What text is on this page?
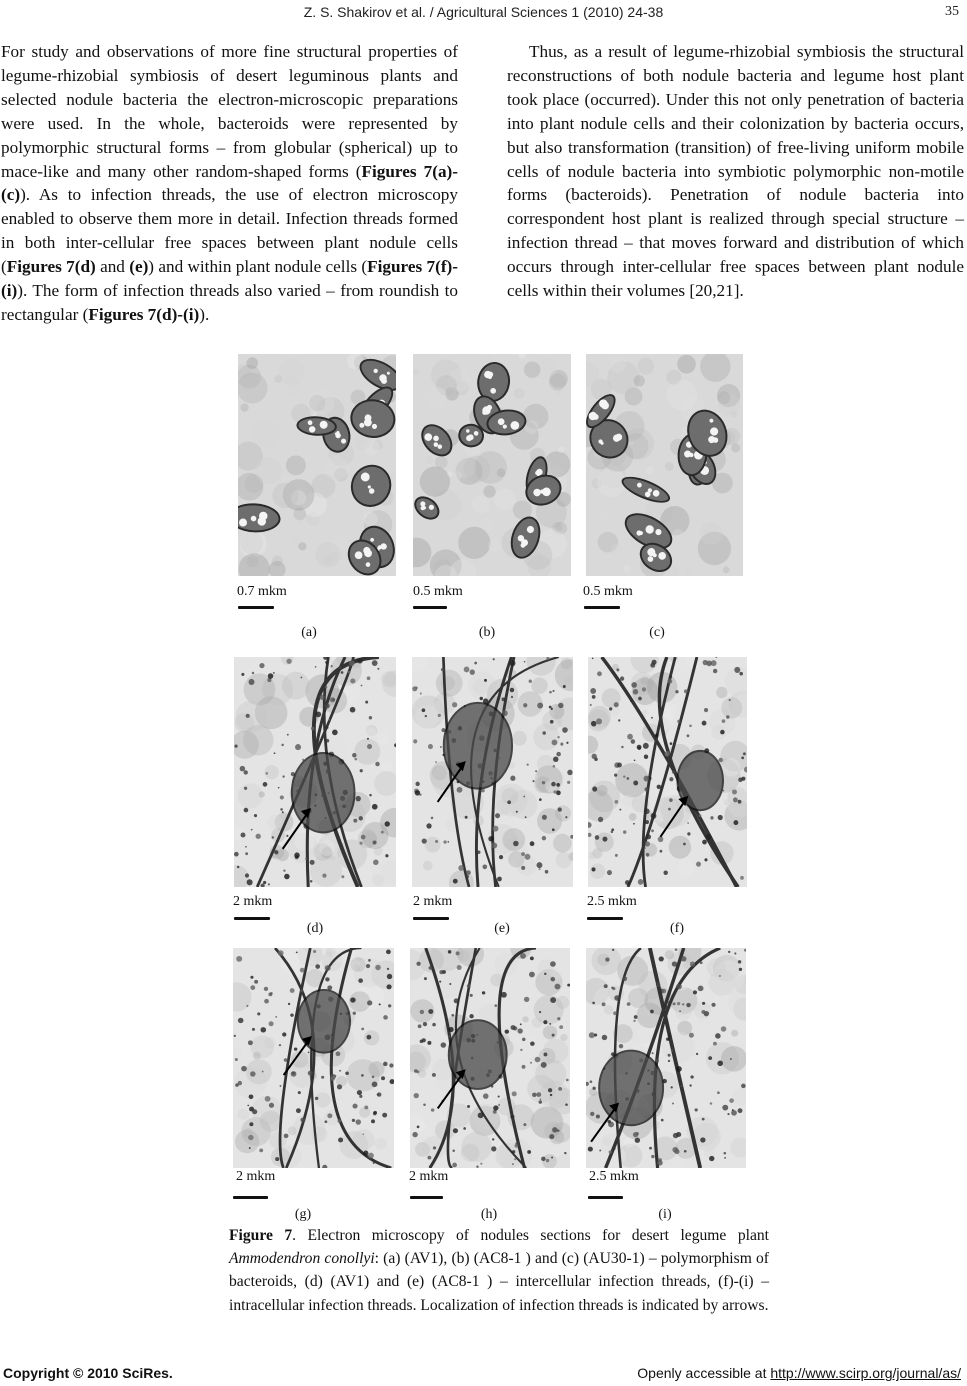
Z. S. Shakirov et al. / Agricultural Sciences 1 (2010) 24-38	35
For study and observations of more fine structural properties of legume-rhizobial symbiosis of desert leguminous plants and selected nodule bacteria the electron-microscopic preparations were used. In the whole, bacteroids were represented by polymorphic structural forms – from globular (spherical) up to mace-like and many other random-shaped forms (Figures 7(a)-(c)). As to infection threads, the use of electron microscopy enabled to observe them more in detail. Infection threads formed in both inter-cellular free spaces between plant nodule cells (Figures 7(d) and (e)) and within plant nodule cells (Figures 7(f)-(i)). The form of infection threads also varied – from roundish to rectangular (Figures 7(d)-(i)).
Thus, as a result of legume-rhizobial symbiosis the structural reconstructions of both nodule bacteria and legume host plant took place (occurred). Under this not only penetration of bacteria into plant nodule cells and their colonization by bacteria occurs, but also transformation (transition) of free-living uniform mobile cells of nodule bacteria into symbiotic polymorphic non-motile forms (bacteroids). Penetration of nodule bacteria into correspondent host plant is realized through special structure – infection thread – that moves forward and distribution of which occurs through inter-cellular free spaces between plant nodule cells within their volumes [20,21].
0.7 mkm	0.5 mkm	0.5 mkm
(a)	(b)	(c)
2 mkm	2 mkm	2.5 mkm
(d)	(e)	(f)
2 mkm	2 mkm	2.5 mkm
(g)	(h)	(i)
Figure 7. Electron microscopy of nodules sections for desert legume plant Ammodendron conollyi: (a) (AV1), (b) (AC8-1 ) and (c) (AU30-1) – polymorphism of bacteroids, (d) (AV1) and (e) (AC8-1 ) – intercellular infection threads, (f)-(i) – intracellular infection threads. Localization of infection threads is indicated by arrows.
Copyright © 2010 SciRes.	Openly accessible at http://www.scirp.org/journal/as/
